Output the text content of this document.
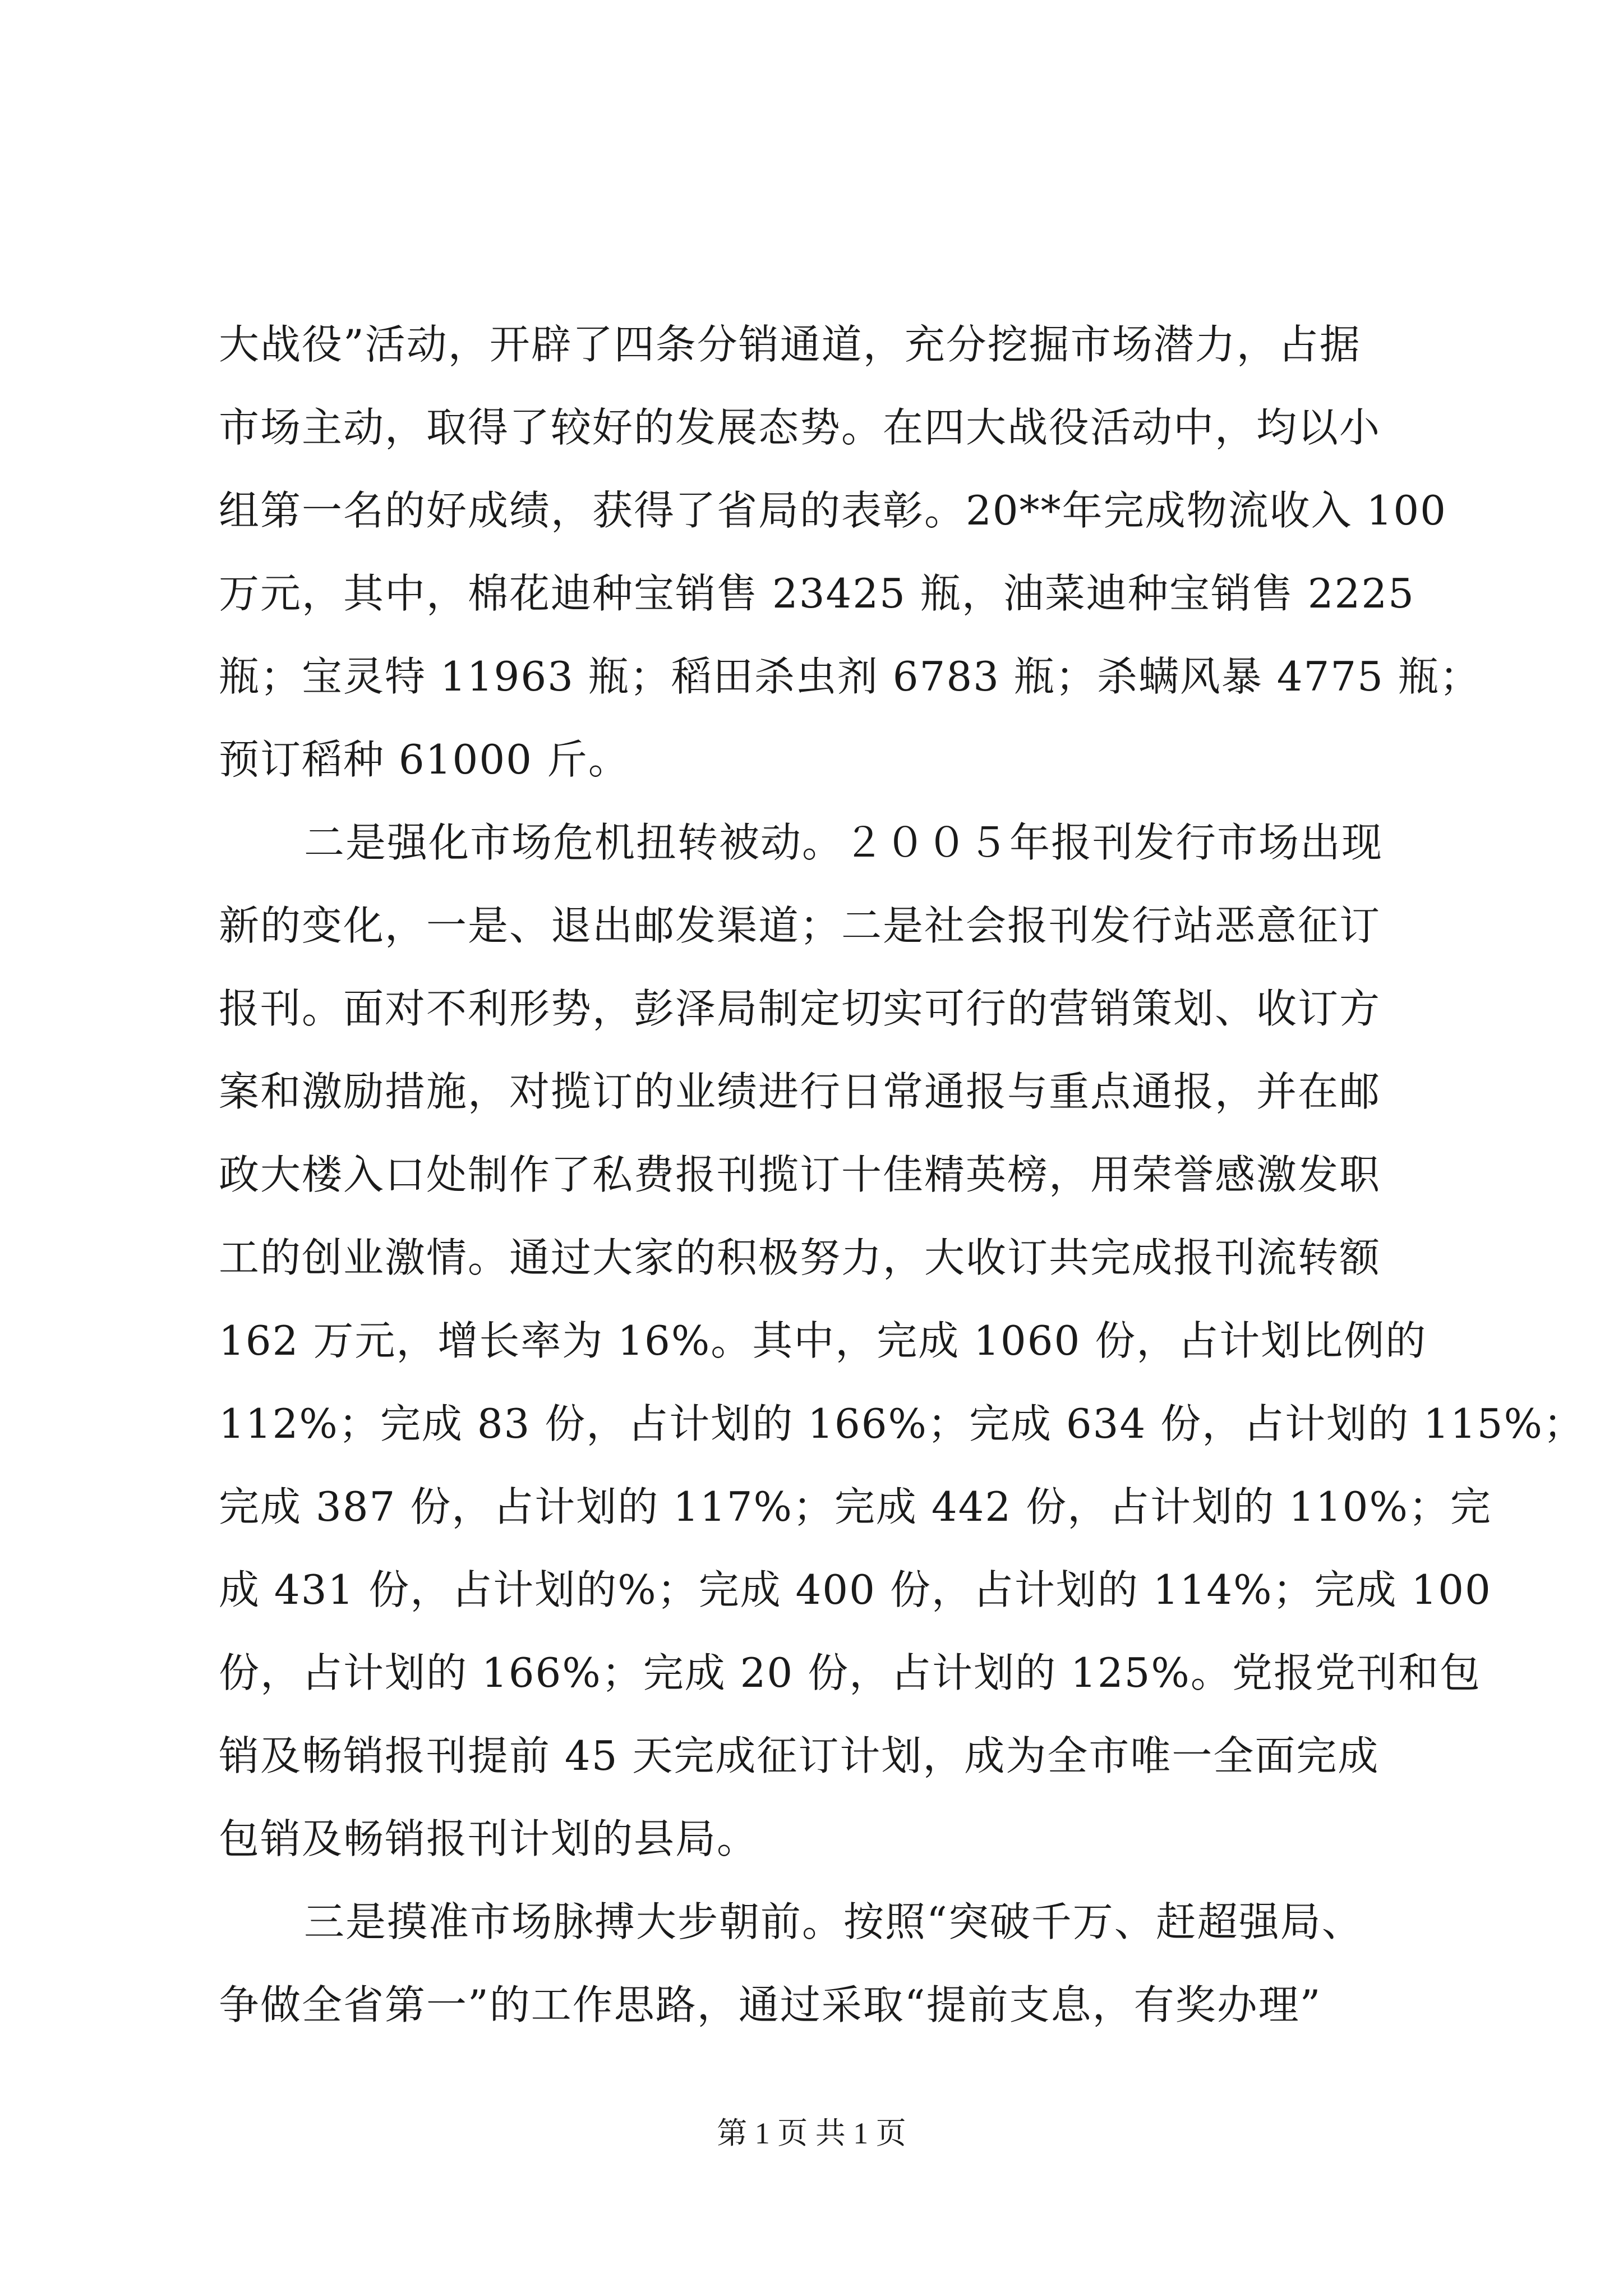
大战役”活动，开辟了四条分销通道，充分挖掘市场潜力，占据
市场主动，取得了较好的发展态势。在四大战役活动中，均以小
组第一名的好成绩，获得了省局的表彰。20**年完成物流收入 100
万元，其中，棉花迪种宝销售 23425 瓶，油菜迪种宝销售 2225
瓶；宝灵特 11963 瓶；稻田杀虫剂 6783 瓶；杀螨风暴 4775 瓶；
预订稻种 61000 斤。
二是强化市场危机扭转被动。２００５年报刊发行市场出现
新的变化，一是、退出邮发渠道；二是社会报刊发行站恶意征订
报刊。面对不利形势，彭泽局制定切实可行的营销策划、收订方
案和激励措施，对揽订的业绩进行日常通报与重点通报，并在邮
政大楼入口处制作了私费报刊揽订十佳精英榜，用荣誉感激发职
工的创业激情。通过大家的积极努力，大收订共完成报刊流转额
162 万元，增长率为 16%。其中，完成 1060 份，占计划比例的
112%；完成 83 份，占计划的 166%；完成 634 份，占计划的 115%；
完成 387 份，占计划的 117%；完成 442 份，占计划的 110%；完
成 431 份，占计划的%；完成 400 份，占计划的 114%；完成 100
份，占计划的 166%；完成 20 份，占计划的 125%。党报党刊和包
销及畅销报刊提前 45 天完成征订计划，成为全市唯一全面完成
包销及畅销报刊计划的县局。
三是摸准市场脉搏大步朝前。按照“突破千万、赶超强局、
争做全省第一”的工作思路，通过采取“提前支息，有奖办理”
第 1 页 共 1 页
